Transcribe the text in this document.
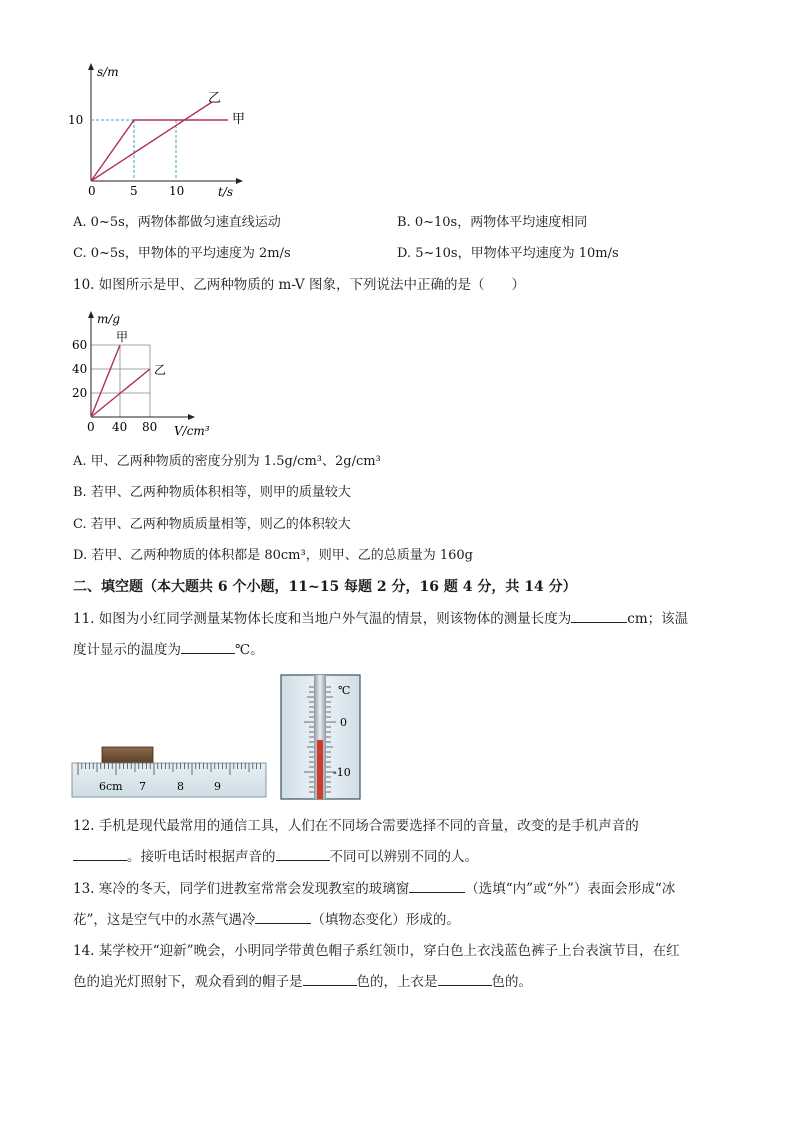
s/m
t/s
10
0	5	10
甲
乙
A. 0~5s，两物体都做匀速直线运动	B. 0~10s，两物体平均速度相同
C. 0~5s，甲物体的平均速度为 2m/s	D. 5~10s，甲物体平均速度为 10m/s
10. 如图所示是甲、乙两种物质的 m-V 图象，下列说法中正确的是（　　）
m/g
V/cm³
60
40
20
0 40 80
甲
乙
A. 甲、乙两种物质的密度分别为 1.5g/cm³、2g/cm³
B. 若甲、乙两种物质体积相等，则甲的质量较大
C. 若甲、乙两种物质质量相等，则乙的体积较大
D. 若甲、乙两种物质的体积都是 80cm³，则甲、乙的总质量为 160g
二、填空题（本大题共 6 个小题，11~15 每题 2 分，16 题 4 分，共 14 分）
11. 如图为小红同学测量某物体长度和当地户外气温的情景，则该物体的测量长度为	cm；该温
度计显示的温度为	℃。
6cm 7	8	9
℃
0
-10
12. 手机是现代最常用的通信工具，人们在不同场合需要选择不同的音量，改变的是手机声音的
。接听电话时根据声音的	不同可以辨别不同的人。
13. 寒冷的冬天，同学们进教室常常会发现教室的玻璃窗	（选填“内”或“外”）表面会形成“冰
花”，这是空气中的水蒸气遇冷	（填物态变化）形成的。
14. 某学校开“迎新”晚会，小明同学带黄色帽子系红领巾，穿白色上衣浅蓝色裤子上台表演节目，在红
色的追光灯照射下，观众看到的帽子是	色的，上衣是	色的。
